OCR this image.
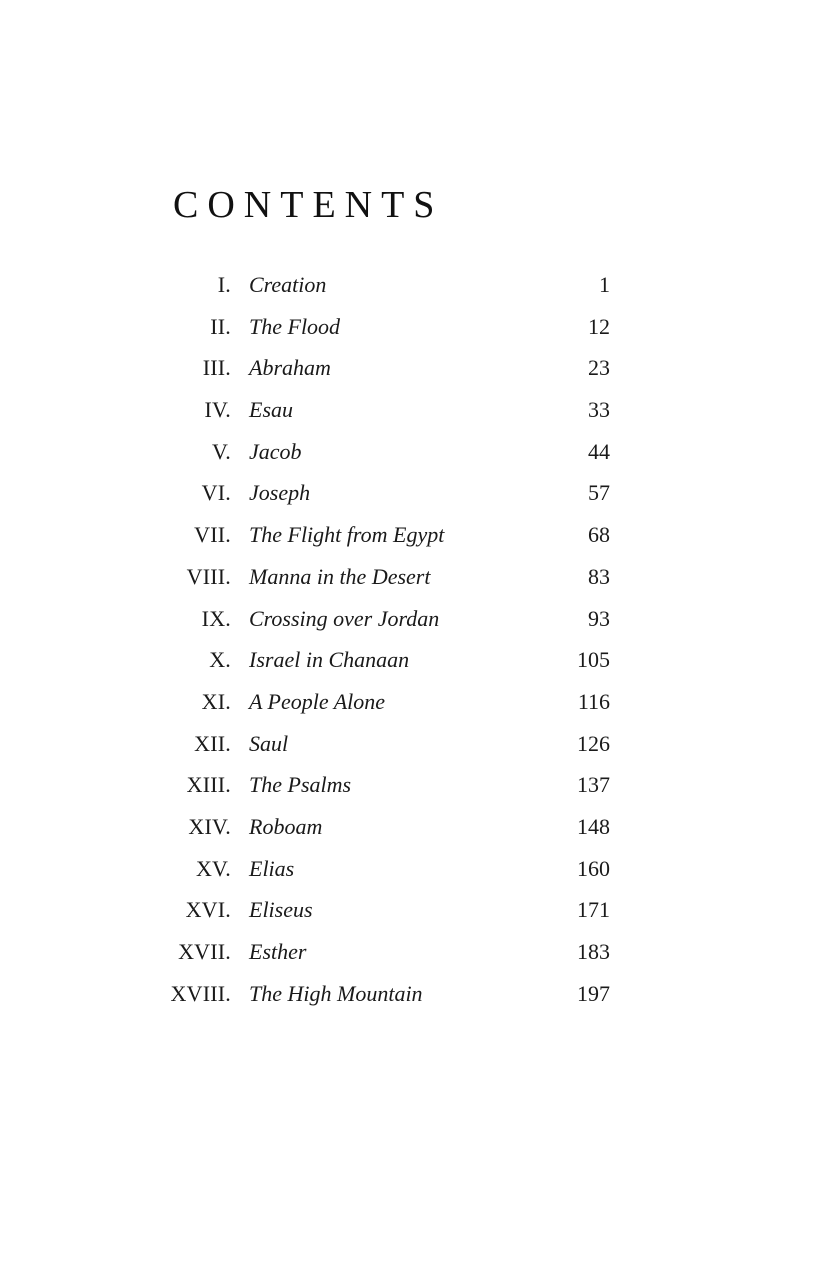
CONTENTS
I. Creation	1
II. The Flood	12
III. Abraham	23
IV. Esau	33
V. Jacob	44
VI. Joseph	57
VII. The Flight from Egypt	68
VIII. Manna in the Desert	83
IX. Crossing over Jordan	93
X. Israel in Chanaan	105
XI. A People Alone	116
XII. Saul	126
XIII. The Psalms	137
XIV. Roboam	148
XV. Elias	160
XVI. Eliseus	171
XVII. Esther	183
XVIII. The High Mountain	197
